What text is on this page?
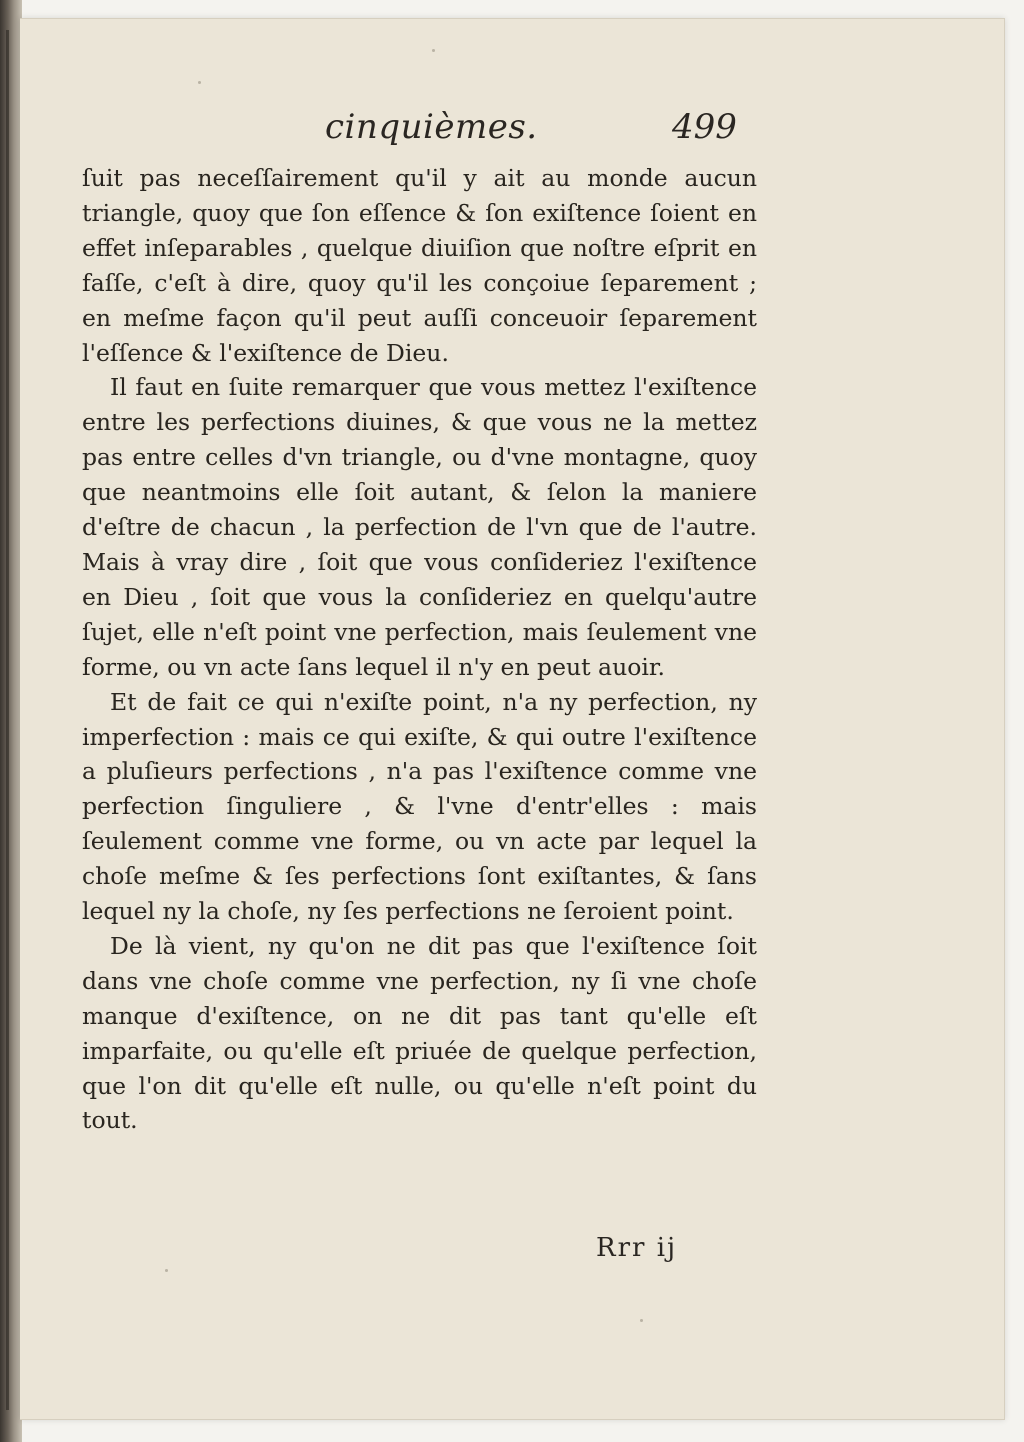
cinquièmes.	499

ſuit pas neceſſairement qu'il y ait au monde aucun triangle, quoy que ſon eſſence & ſon exiſtence ſoient en effet inſeparables , quelque diuiſion que noſtre eſprit en faſſe, c'eſt à dire, quoy qu'il les conçoiue ſeparement ; en meſme façon qu'il peut auſſi conceuoir ſeparement l'eſſence & l'exiſtence de Dieu.

Il faut en ſuite remarquer que vous mettez l'exiſtence entre les perfections diuines, & que vous ne la mettez pas entre celles d'vn triangle, ou d'vne montagne, quoy que neantmoins elle ſoit autant, & ſelon la maniere d'eſtre de chacun , la perfection de l'vn que de l'autre. Mais à vray dire , ſoit que vous conſideriez l'exiſtence en Dieu , ſoit que vous la conſideriez en quelqu'autre ſujet, elle n'eſt point vne perfection, mais ſeulement vne forme, ou vn acte ſans lequel il n'y en peut auoir.

Et de fait ce qui n'exiſte point, n'a ny perfection, ny imperfection : mais ce qui exiſte, & qui outre l'exiſtence a pluſieurs perfections , n'a pas l'exiſtence comme vne perfection ſinguliere , & l'vne d'entr'elles : mais ſeulement comme vne forme, ou vn acte par lequel la choſe meſme & ſes perfections ſont exiſtantes, & ſans lequel ny la choſe, ny ſes perfections ne ſeroient point.

De là vient, ny qu'on ne dit pas que l'exiſtence ſoit dans vne choſe comme vne perfection, ny ſi vne choſe manque d'exiſtence, on ne dit pas tant qu'elle eſt imparfaite, ou qu'elle eſt priuée de quelque perfection, que l'on dit qu'elle eſt nulle, ou qu'elle n'eſt point du tout.

Rrr ij
